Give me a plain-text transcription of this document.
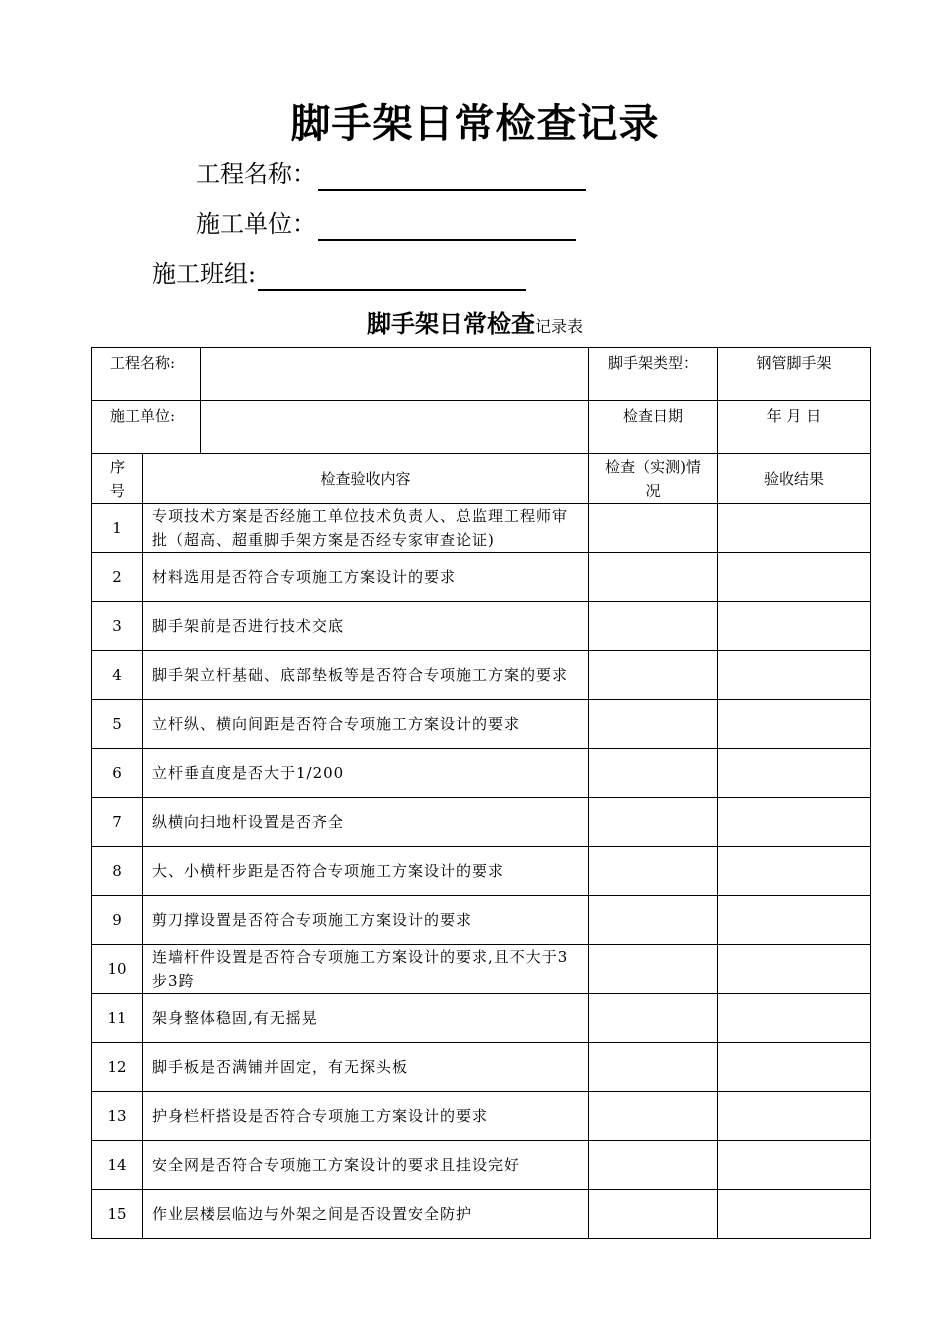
脚手架日常检查记录
工程名称：
施工单位：
施工班组:
脚手架日常检查记录表
工程名称:			脚手架类型：	钢管脚手架
施工单位:			检查日期	年 月 日
序号	检查验收内容		检查（实测)情况	验收结果
1	专项技术方案是否经施工单位技术负责人、总监理工程师审批（超高、超重脚手架方案是否经专家审查论证)			
2	材料选用是否符合专项施工方案设计的要求			
3	脚手架前是否进行技术交底			
4	脚手架立杆基础、底部垫板等是否符合专项施工方案的要求			
5	立杆纵、横向间距是否符合专项施工方案设计的要求			
6	立杆垂直度是否大于1/200			
7	纵横向扫地杆设置是否齐全			
8	大、小横杆步距是否符合专项施工方案设计的要求			
9	剪刀撑设置是否符合专项施工方案设计的要求			
10	连墙杆件设置是否符合专项施工方案设计的要求,且不大于3步3跨			
11	架身整体稳固,有无摇晃			
12	脚手板是否满铺并固定，有无探头板			
13	护身栏杆搭设是否符合专项施工方案设计的要求			
14	安全网是否符合专项施工方案设计的要求且挂设完好			
15	作业层楼层临边与外架之间是否设置安全防护			
